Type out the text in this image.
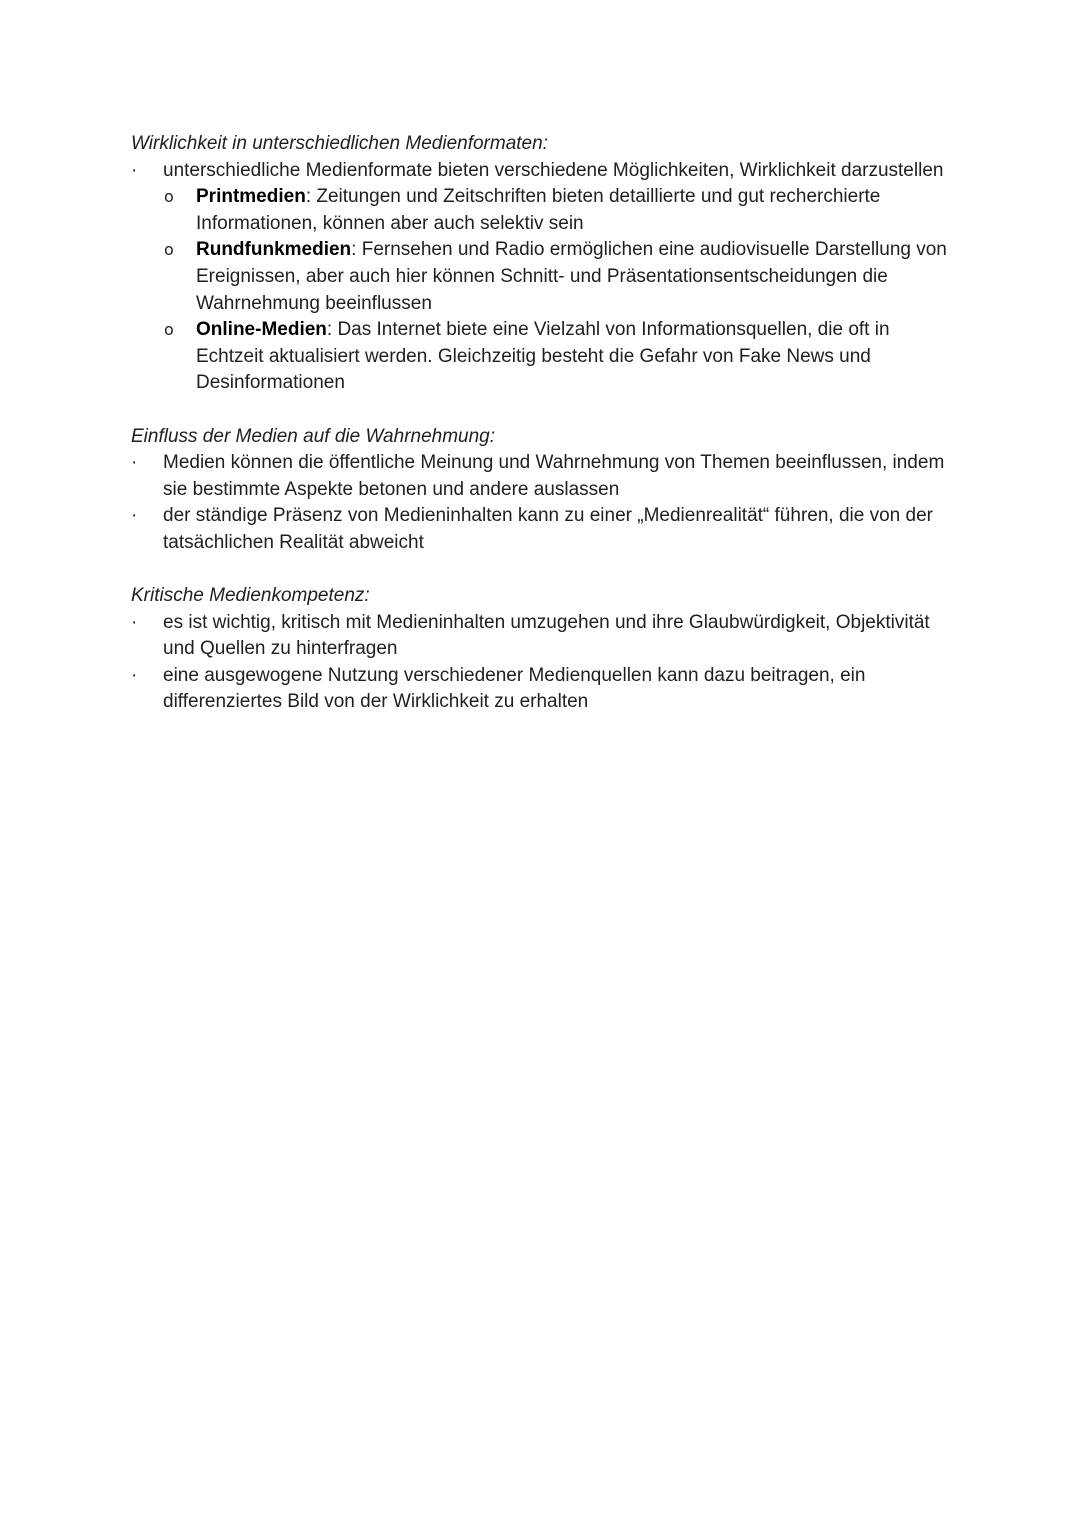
Wirklichkeit in unterschiedlichen Medienformaten:

· unterschiedliche Medienformate bieten verschiedene Möglichkeiten, Wirklichkeit darzustellen
o Printmedien: Zeitungen und Zeitschriften bieten detaillierte und gut recherchierte Informationen, können aber auch selektiv sein
o Rundfunkmedien: Fernsehen und Radio ermöglichen eine audiovisuelle Darstellung von Ereignissen, aber auch hier können Schnitt- und Präsentationsentscheidungen die Wahrnehmung beeinflussen
o Online-Medien: Das Internet biete eine Vielzahl von Informationsquellen, die oft in Echtzeit aktualisiert werden. Gleichzeitig besteht die Gefahr von Fake News und Desinformationen

Einfluss der Medien auf die Wahrnehmung:

· Medien können die öffentliche Meinung und Wahrnehmung von Themen beeinflussen, indem sie bestimmte Aspekte betonen und andere auslassen
· der ständige Präsenz von Medieninhalten kann zu einer „Medienrealität“ führen, die von der tatsächlichen Realität abweicht

Kritische Medienkompetenz:

· es ist wichtig, kritisch mit Medieninhalten umzugehen und ihre Glaubwürdigkeit, Objektivität und Quellen zu hinterfragen
· eine ausgewogene Nutzung verschiedener Medienquellen kann dazu beitragen, ein differenziertes Bild von der Wirklichkeit zu erhalten
